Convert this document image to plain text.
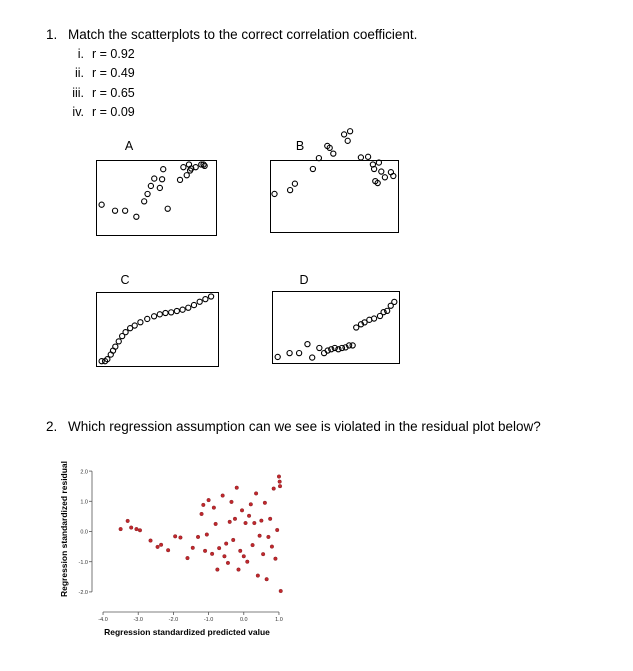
1. Match the scatterplots to the correct correlation coefficient.
i. r = 0.92
ii. r = 0.49
iii. r = 0.65
iv. r = 0.09
A	B
C	D
2. Which regression assumption can we see is violated in the residual plot below?
2.0
1.0
0.0
-1.0
-2.0
-4.0	-3.0	-2.0	-1.0	0.0	1.0
Regression standardized residual
Regression standardized predicted value
